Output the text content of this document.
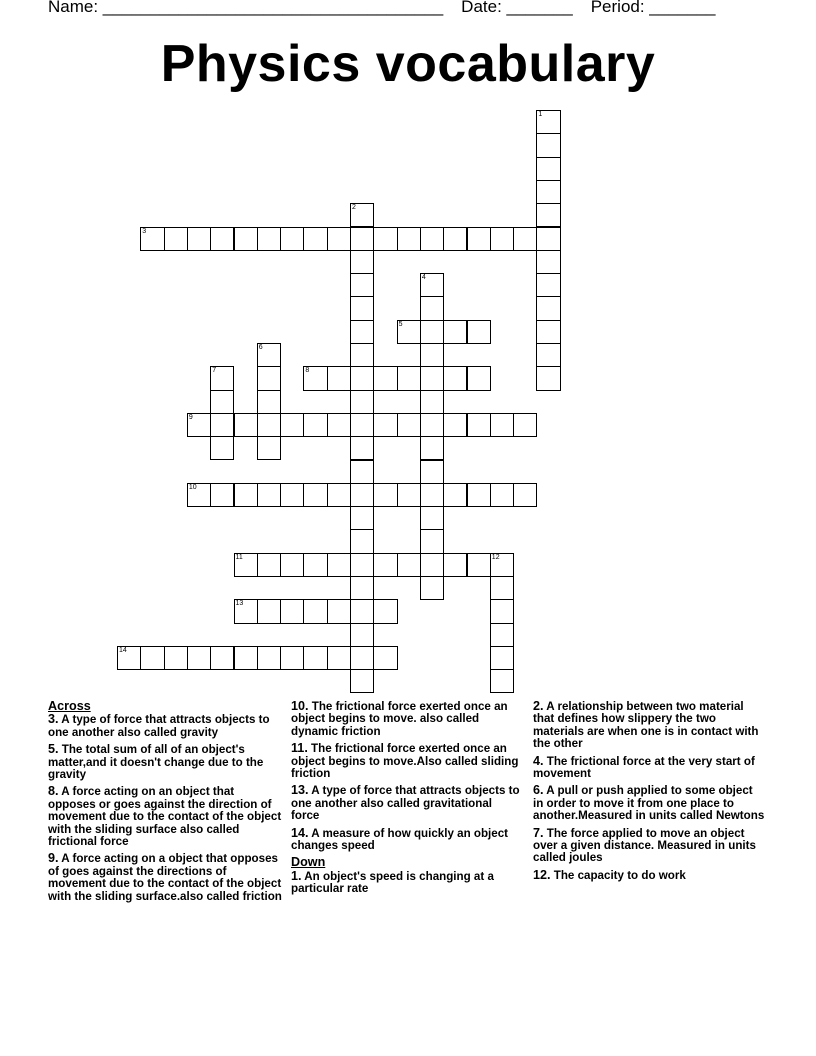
Name: ____________________________________ Date: _______ Period: _______
Physics vocabulary
1
2
3
4
5
6
7	8
9
10
11	12
13
14
Across
3. A type of force that attracts objects to one another also called gravity
5. The total sum of all of an object's matter,and it doesn't change due to the gravity
8. A force acting on an object that opposes or goes against the direction of movement due to the contact of the object with the sliding surface also called frictional force
9. A force acting on a object that opposes of goes against the directions of movement due to the contact of the object with the sliding surface.also called friction
10. The frictional force exerted once an object begins to move. also called dynamic friction
11. The frictional force exerted once an object begins to move.Also called sliding friction
13. A type of force that attracts objects to one another also called gravitational force
14. A measure of how quickly an object changes speed
Down
1. An object's speed is changing at a particular rate
2. A relationship between two material that defines how slippery the two materials are when one is in contact with the other
4. The frictional force at the very start of movement
6. A pull or push applied to some object in order to move it from one place to another.Measured in units called Newtons
7. The force applied to move an object over a given distance. Measured in units called joules
12. The capacity to do work
